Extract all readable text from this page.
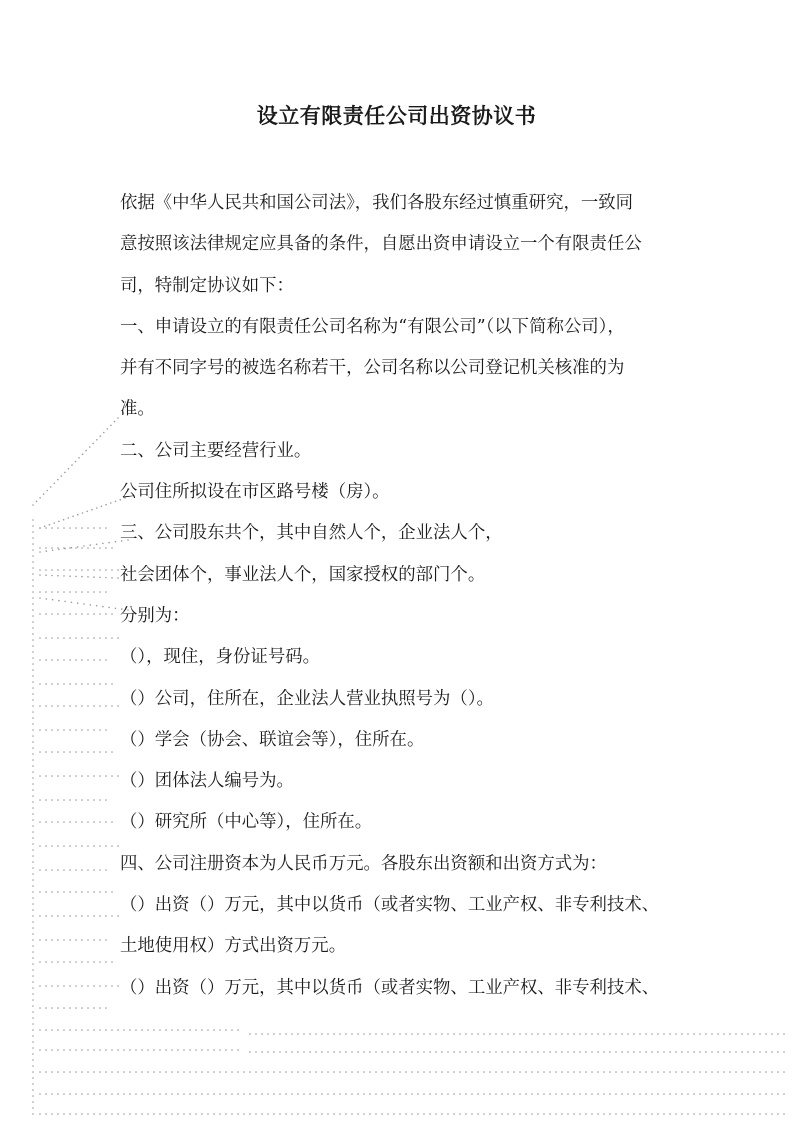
设立有限责任公司出资协议书
依据《中华人民共和国公司法》，我们各股东经过慎重研究，一致同
意按照该法律规定应具备的条件，自愿出资申请设立一个有限责任公
司，特制定协议如下：
一、申请设立的有限责任公司名称为“有限公司”（以下简称公司），
并有不同字号的被选名称若干，公司名称以公司登记机关核准的为
准。
二、公司主要经营行业。
公司住所拟设在市区路号楼（房）。
三、公司股东共个，其中自然人个，企业法人个，
社会团体个，事业法人个，国家授权的部门个。
分别为：
（），现住，身份证号码。
（）公司，住所在，企业法人营业执照号为（）。
（）学会（协会、联谊会等），住所在。
（）团体法人编号为。
（）研究所（中心等），住所在。
四、公司注册资本为人民币万元。各股东出资额和出资方式为：
（）出资（）万元，其中以货币（或者实物、工业产权、非专利技术、
土地使用权）方式出资万元。
（）出资（）万元，其中以货币（或者实物、工业产权、非专利技术、
